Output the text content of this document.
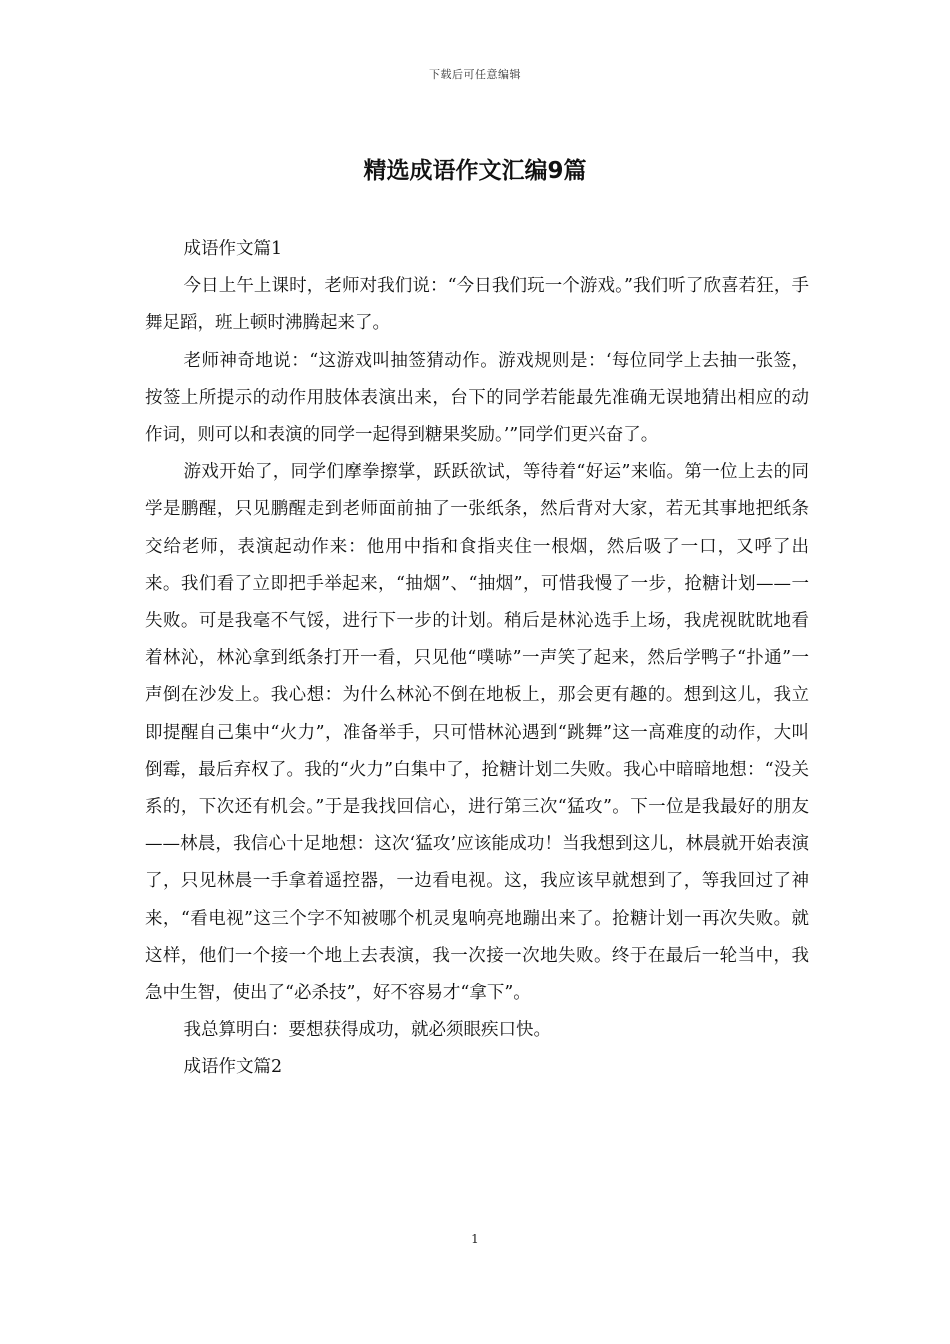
下载后可任意编辑
精选成语作文汇编9篇

成语作文篇1

今日上午上课时，老师对我们说：“今日我们玩一个游戏。”我们听了欣喜若狂，手舞足蹈，班上顿时沸腾起来了。

老师神奇地说：“这游戏叫抽签猜动作。游戏规则是：‘每位同学上去抽一张签，按签上所提示的动作用肢体表演出来，台下的同学若能最先准确无误地猜出相应的动作词，则可以和表演的同学一起得到糖果奖励。’”同学们更兴奋了。

游戏开始了，同学们摩拳擦掌，跃跃欲试，等待着“好运”来临。第一位上去的同学是鹏醒，只见鹏醒走到老师面前抽了一张纸条，然后背对大家，若无其事地把纸条交给老师，表演起动作来：他用中指和食指夹住一根烟，然后吸了一口，又呼了出来。我们看了立即把手举起来，“抽烟”、“抽烟”，可惜我慢了一步，抢糖计划——一失败。可是我毫不气馁，进行下一步的计划。稍后是林沁选手上场，我虎视眈眈地看着林沁，林沁拿到纸条打开一看，只见他“噗哧”一声笑了起来，然后学鸭子“扑通”一声倒在沙发上。我心想：为什么林沁不倒在地板上，那会更有趣的。想到这儿，我立即提醒自己集中“火力”，准备举手，只可惜林沁遇到“跳舞”这一高难度的动作，大叫倒霉，最后弃权了。我的“火力”白集中了，抢糖计划二失败。我心中暗暗地想：“没关系的，下次还有机会。”于是我找回信心，进行第三次“猛攻”。下一位是我最好的朋友——林晨，我信心十足地想：这次‘猛攻’应该能成功！当我想到这儿，林晨就开始表演了，只见林晨一手拿着遥控器，一边看电视。这，我应该早就想到了，等我回过了神来，“看电视”这三个字不知被哪个机灵鬼响亮地蹦出来了。抢糖计划一再次失败。就这样，他们一个接一个地上去表演，我一次接一次地失败。终于在最后一轮当中，我急中生智，使出了“必杀技”，好不容易才“拿下”。

我总算明白：要想获得成功，就必须眼疾口快。

成语作文篇2

1
